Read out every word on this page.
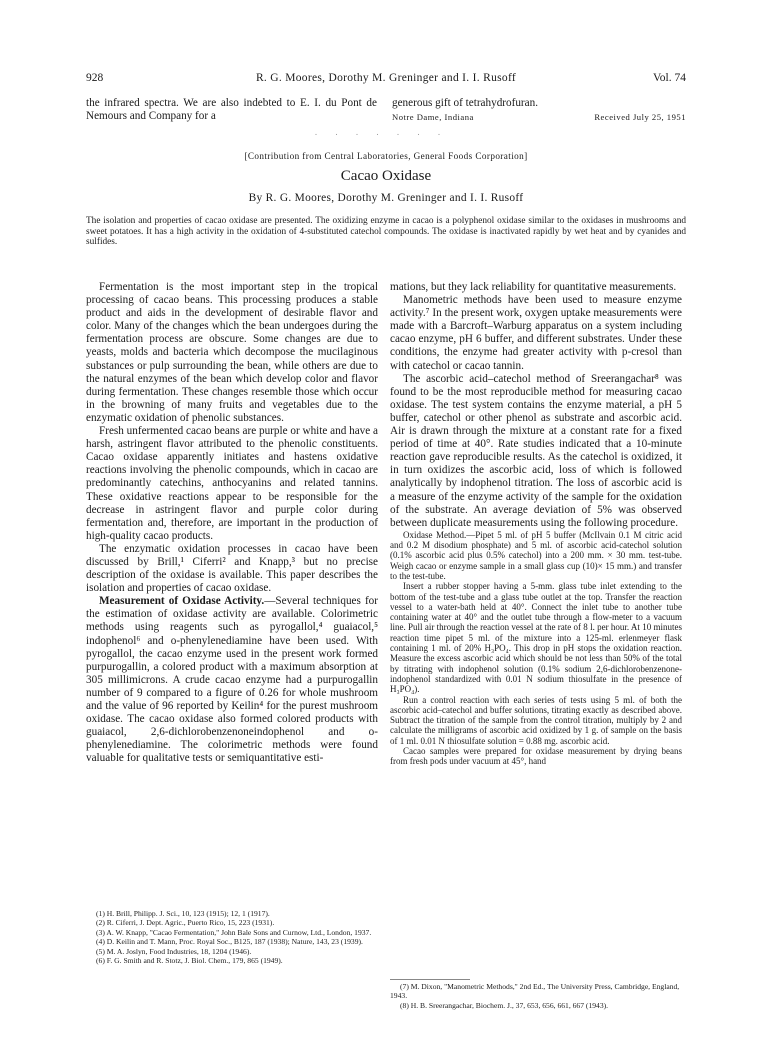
928	R. G. Moores, Dorothy M. Greninger and I. I. Rusoff	Vol. 74
the infrared spectra. We are also indebted to E. I. du Pont de Nemours and Company for a
generous gift of tetrahydrofuran.
Notre Dame, Indiana	Received July 25, 1951
. . . . . . .
[Contribution from Central Laboratories, General Foods Corporation]
Cacao Oxidase
By R. G. Moores, Dorothy M. Greninger and I. I. Rusoff
The isolation and properties of cacao oxidase are presented. The oxidizing enzyme in cacao is a polyphenol oxidase similar to the oxidases in mushrooms and sweet potatoes. It has a high activity in the oxidation of 4-substituted catechol compounds. The oxidase is inactivated rapidly by wet heat and by cyanides and sulfides.

Fermentation is the most important step in the tropical processing of cacao beans. This processing produces a stable product and aids in the development of desirable flavor and color. Many of the changes which the bean undergoes during the fermentation process are obscure. Some changes are due to yeasts, molds and bacteria which decompose the mucilaginous substances or pulp surrounding the bean, while others are due to the natural enzymes of the bean which develop color and flavor during fermentation. These changes resemble those which occur in the browning of many fruits and vegetables due to the enzymatic oxidation of phenolic substances.

Fresh unfermented cacao beans are purple or white and have a harsh, astringent flavor attributed to the phenolic constituents. Cacao oxidase apparently initiates and hastens oxidative reactions involving the phenolic compounds, which in cacao are predominantly catechins, anthocyanins and related tannins. These oxidative reactions appear to be responsible for the decrease in astringent flavor and purple color during fermentation and, therefore, are important in the production of high-quality cacao products.

The enzymatic oxidation processes in cacao have been discussed by Brill,¹ Ciferri² and Knapp,³ but no precise description of the oxidase is available. This paper describes the isolation and properties of cacao oxidase.

Measurement of Oxidase Activity.—Several techniques for the estimation of oxidase activity are available. Colorimetric methods using reagents such as pyrogallol,⁴ guaiacol,⁵ indophenol⁶ and o-phenylenediamine have been used. With pyrogallol, the cacao enzyme used in the present work formed purpurogallin, a colored product with a maximum absorption at 305 millimicrons. A crude cacao enzyme had a purpurogallin number of 9 compared to a figure of 0.26 for whole mushroom and the value of 96 reported by Keilin⁴ for the purest mushroom oxidase. The cacao oxidase also formed colored products with guaiacol, 2,6-dichlorobenzenoneindophenol and o-phenylenediamine. The colorimetric methods were found valuable for qualitative tests or semiquantitative esti-

(1) H. Brill, Philipp. J. Sci., 10, 123 (1915); 12, 1 (1917).

(2) R. Ciferri, J. Dept. Agric., Puerto Rico, 15, 223 (1931).

(3) A. W. Knapp, "Cacao Fermentation," John Bale Sons and Curnow, Ltd., London, 1937.

(4) D. Keilin and T. Mann, Proc. Royal Soc., B125, 187 (1938); Nature, 143, 23 (1939).

(5) M. A. Joslyn, Food Industries, 18, 1204 (1946).

(6) F. G. Smith and R. Stotz, J. Biol. Chem., 179, 865 (1949).

mations, but they lack reliability for quantitative measurements.

Manometric methods have been used to measure enzyme activity.⁷ In the present work, oxygen uptake measurements were made with a Barcroft–Warburg apparatus on a system including cacao enzyme, pH 6 buffer, and different substrates. Under these conditions, the enzyme had greater activity with p-cresol than with catechol or cacao tannin.

The ascorbic acid–catechol method of Sreerangachar⁸ was found to be the most reproducible method for measuring cacao oxidase. The test system contains the enzyme material, a pH 5 buffer, catechol or other phenol as substrate and ascorbic acid. Air is drawn through the mixture at a constant rate for a fixed period of time at 40°. Rate studies indicated that a 10-minute reaction gave reproducible results. As the catechol is oxidized, it in turn oxidizes the ascorbic acid, loss of which is followed analytically by indophenol titration. The loss of ascorbic acid is a measure of the enzyme activity of the sample for the oxidation of the substrate. An average deviation of 5% was observed between duplicate measurements using the following procedure.

Oxidase Method.—Pipet 5 ml. of pH 5 buffer (McIlvain 0.1 M citric acid and 0.2 M disodium phosphate) and 5 ml. of ascorbic acid-catechol solution (0.1% ascorbic acid plus 0.5% catechol) into a 200 mm. × 30 mm. test-tube. Weigh cacao or enzyme sample in a small glass cup (10)× 15 mm.) and transfer to the test-tube.

Insert a rubber stopper having a 5-mm. glass tube inlet extending to the bottom of the test-tube and a glass tube outlet at the top. Transfer the reaction vessel to a water-bath held at 40°. Connect the inlet tube to another tube containing water at 40° and the outlet tube through a flow-meter to a vacuum line. Pull air through the reaction vessel at the rate of 8 l. per hour. At 10 minutes reaction time pipet 5 ml. of the mixture into a 125-ml. erlenmeyer flask containing 1 ml. of 20% H₃PO₄. This drop in pH stops the oxidation reaction. Measure the excess ascorbic acid which should be not less than 50% of the total by titrating with indophenol solution (0.1% sodium 2,6-dichlorobenzenone-indophenol standardized with 0.01 N sodium thiosulfate in the presence of H₃PO₄).

Run a control reaction with each series of tests using 5 ml. of both the ascorbic acid–catechol and buffer solutions, titrating exactly as described above. Subtract the titration of the sample from the control titration, multiply by 2 and calculate the milligrams of ascorbic acid oxidized by 1 g. of sample on the basis of 1 ml. 0.01 N thiosulfate solution = 0.88 mg. ascorbic acid.

Cacao samples were prepared for oxidase measurement by drying beans from fresh pods under vacuum at 45°, hand

(7) M. Dixon, "Manometric Methods," 2nd Ed., The University Press, Cambridge, England, 1943.

(8) H. B. Sreerangachar, Biochem. J., 37, 653, 656, 661, 667 (1943).
